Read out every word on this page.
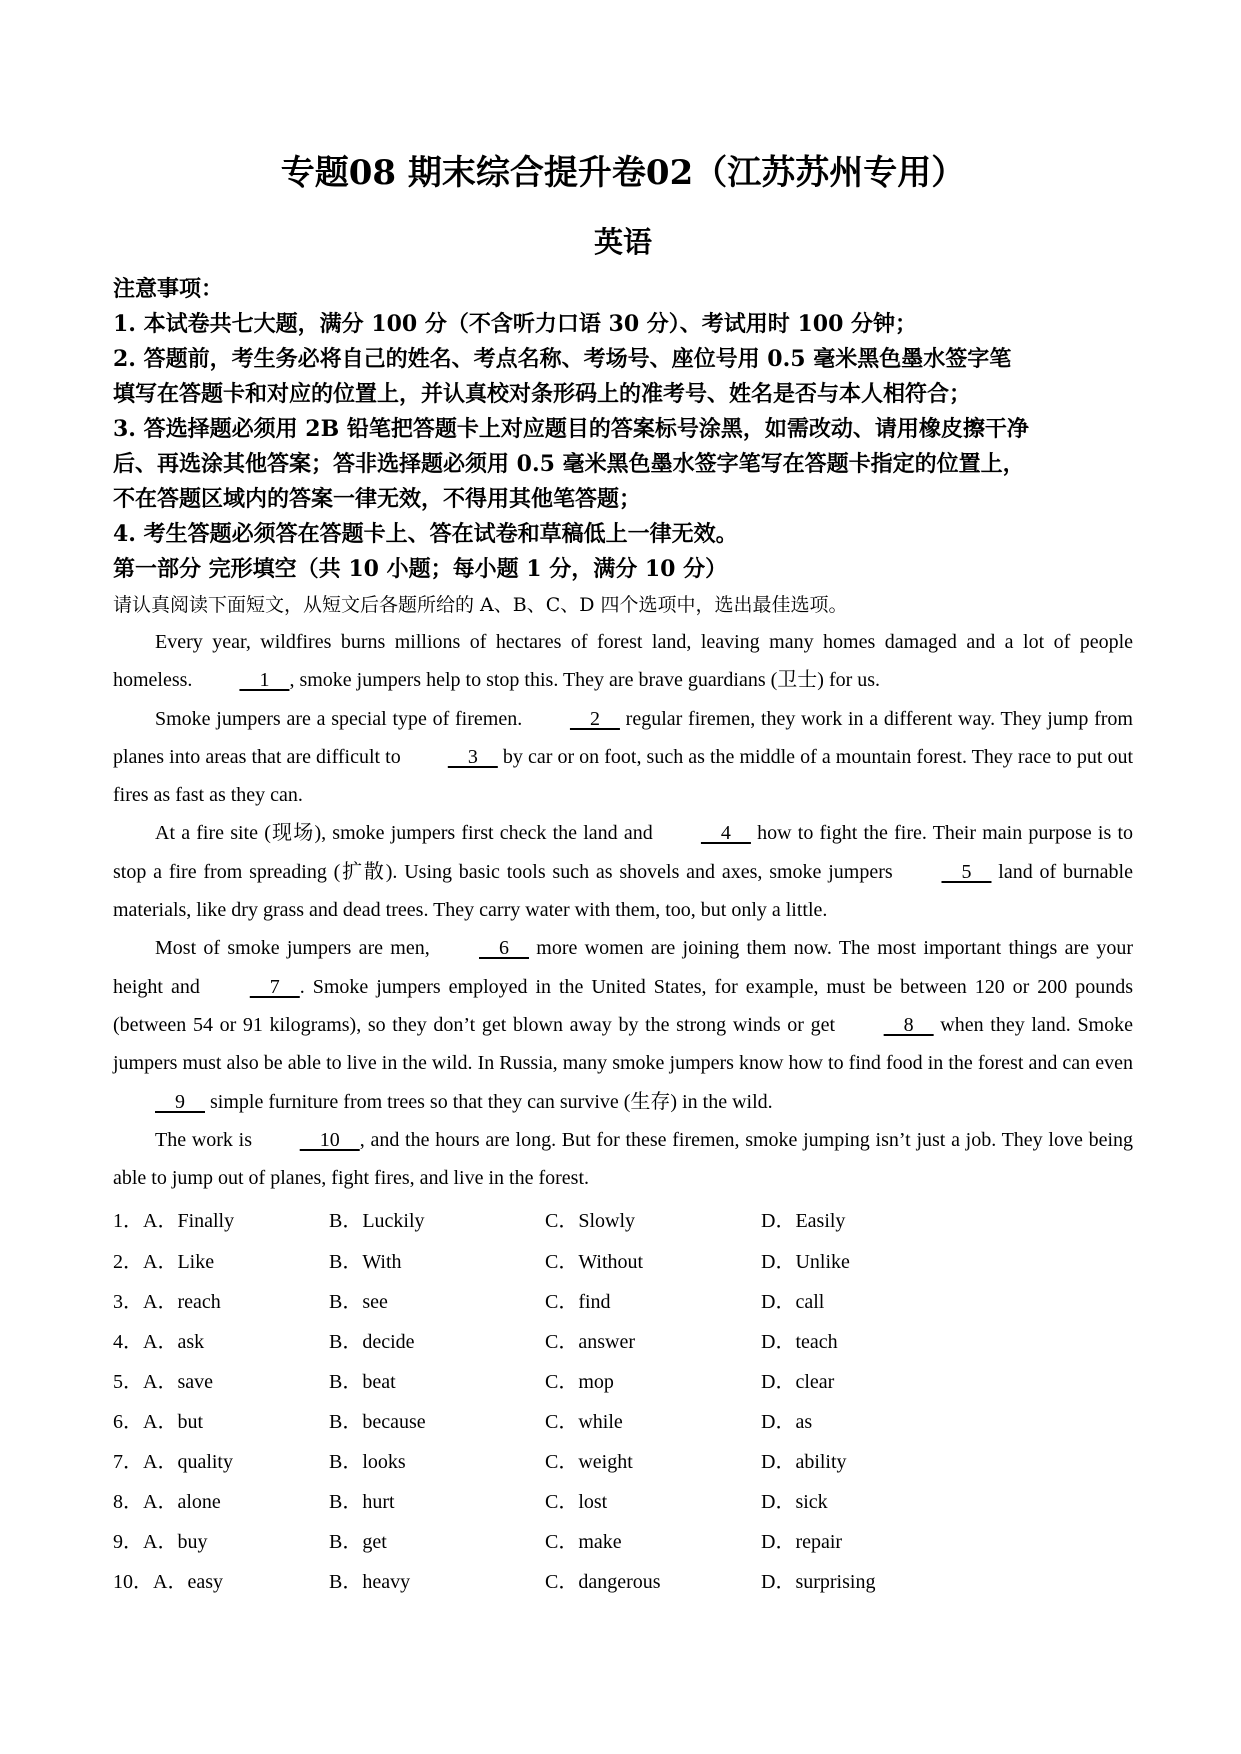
专题08 期末综合提升卷02（江苏苏州专用）
英语
注意事项：
1. 本试卷共七大题，满分 100 分（不含听力口语 30 分）、考试用时 100 分钟；
2. 答题前，考生务必将自己的姓名、考点名称、考场号、座位号用 0.5 毫米黑色墨水签字笔
填写在答题卡和对应的位置上，并认真校对条形码上的准考号、姓名是否与本人相符合；
3. 答选择题必须用 2B 铅笔把答题卡上对应题目的答案标号涂黑，如需改动、请用橡皮擦干净
后、再选涂其他答案；答非选择题必须用 0.5 毫米黑色墨水签字笔写在答题卡指定的位置上，
不在答题区域内的答案一律无效，不得用其他笔答题；
4. 考生答题必须答在答题卡上、答在试卷和草稿低上一律无效。
第一部分 完形填空（共 10 小题；每小题 1 分，满分 10 分）
请认真阅读下面短文，从短文后各题所给的 A、B、C、D 四个选项中，选出最佳选项。

Every year, wildfires burns millions of hectares of forest land, leaving many homes damaged and a lot of people homeless.     1    , smoke jumpers help to stop this. They are brave guardians (卫士) for us.

Smoke jumpers are a special type of firemen.     2     regular firemen, they work in a different way. They jump from planes into areas that are difficult to     3     by car or on foot, such as the middle of a mountain forest. They race to put out fires as fast as they can.

At a fire site (现场), smoke jumpers first check the land and     4     how to fight the fire. Their main purpose is to stop a fire from spreading (扩散). Using basic tools such as shovels and axes, smoke jumpers     5     land of burnable materials, like dry grass and dead trees. They carry water with them, too, but only a little.

Most of smoke jumpers are men,     6     more women are joining them now. The most important things are your height and     7    . Smoke jumpers employed in the United States, for example, must be between 120 or 200 pounds (between 54 or 91 kilograms), so they don’t get blown away by the strong winds or get     8     when they land. Smoke jumpers must also be able to live in the wild. In Russia, many smoke jumpers know how to find food in the forest and can even     9     simple furniture from trees so that they can survive (生存) in the wild.

The work is     10    , and the hours are long. But for these firemen, smoke jumping isn’t just a job. They love being able to jump out of planes, fight fires, and live in the forest.

1．A．Finally	B．Luckily	C．Slowly	D．Easily
2．A．Like	B．With	C．Without	D．Unlike
3．A．reach	B．see	C．find	D．call
4．A．ask	B．decide	C．answer	D．teach
5．A．save	B．beat	C．mop	D．clear
6．A．but	B．because	C．while	D．as
7．A．quality	B．looks	C．weight	D．ability
8．A．alone	B．hurt	C．lost	D．sick
9．A．buy	B．get	C．make	D．repair
10．A．easy	B．heavy	C．dangerous	D．surprising
